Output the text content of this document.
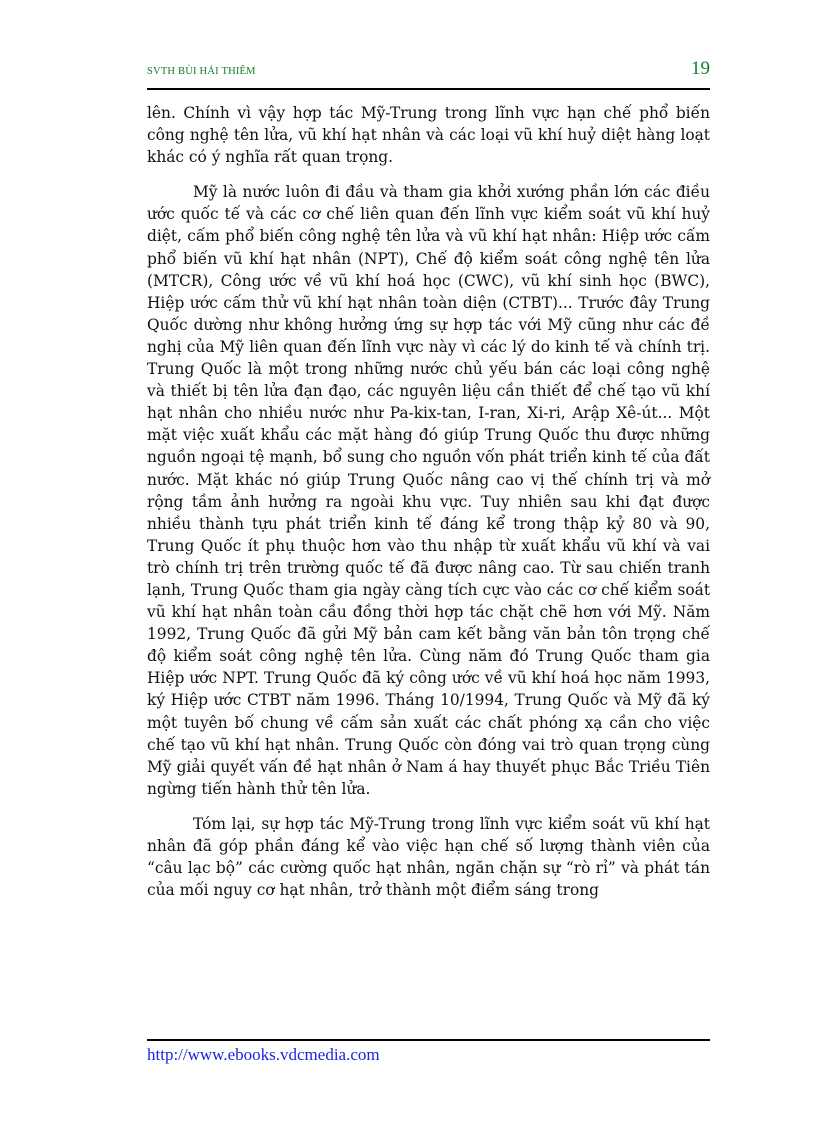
SVTH BÙI HẢI THIÊM	19

lên. Chính vì vậy hợp tác Mỹ-Trung trong lĩnh vực hạn chế phổ biến công nghệ tên lửa, vũ khí hạt nhân và các loại vũ khí huỷ diệt hàng loạt khác có ý nghĩa rất quan trọng.

Mỹ là nước luôn đi đầu và tham gia khởi xướng phần lớn các điều ước quốc tế và các cơ chế liên quan đến lĩnh vực kiểm soát vũ khí huỷ diệt, cấm phổ biến công nghệ tên lửa và vũ khí hạt nhân: Hiệp ước cấm phổ biến vũ khí hạt nhân (NPT), Chế độ kiểm soát công nghệ tên lửa (MTCR), Công ước về vũ khí hoá học (CWC), vũ khí sinh học (BWC), Hiệp ước cấm thử vũ khí hạt nhân toàn diện (CTBT)... Trước đây Trung Quốc dường như không hưởng ứng sự hợp tác với Mỹ cũng như các đề nghị của Mỹ liên quan đến lĩnh vực này vì các lý do kinh tế và chính trị. Trung Quốc là một trong những nước chủ yếu bán các loại công nghệ và thiết bị tên lửa đạn đạo, các nguyên liệu cần thiết để chế tạo vũ khí hạt nhân cho nhiều nước như Pa-kix-tan, I-ran, Xi-ri, Arập Xê-út... Một mặt việc xuất khẩu các mặt hàng đó giúp Trung Quốc thu được những nguồn ngoại tệ mạnh, bổ sung cho nguồn vốn phát triển kinh tế của đất nước. Mặt khác nó giúp Trung Quốc nâng cao vị thế chính trị và mở rộng tầm ảnh hưởng ra ngoài khu vực. Tuy nhiên sau khi đạt được nhiều thành tựu phát triển kinh tế đáng kể trong thập kỷ 80 và 90, Trung Quốc ít phụ thuộc hơn vào thu nhập từ xuất khẩu vũ khí và vai trò chính trị trên trường quốc tế đã được nâng cao. Từ sau chiến tranh lạnh, Trung Quốc tham gia ngày càng tích cực vào các cơ chế kiểm soát vũ khí hạt nhân toàn cầu đồng thời hợp tác chặt chẽ hơn với Mỹ. Năm 1992, Trung Quốc đã gửi Mỹ bản cam kết bằng văn bản tôn trọng chế độ kiểm soát công nghệ tên lửa. Cùng năm đó Trung Quốc tham gia Hiệp ước NPT. Trung Quốc đã ký công ước về vũ khí hoá học năm 1993, ký Hiệp ước CTBT năm 1996. Tháng 10/1994, Trung Quốc và Mỹ đã ký một tuyên bố chung về cấm sản xuất các chất phóng xạ cần cho việc chế tạo vũ khí hạt nhân. Trung Quốc còn đóng vai trò quan trọng cùng Mỹ giải quyết vấn đề hạt nhân ở Nam á hay thuyết phục Bắc Triều Tiên ngừng tiến hành thử tên lửa.

Tóm lại, sự hợp tác Mỹ-Trung trong lĩnh vực kiểm soát vũ khí hạt nhân đã góp phần đáng kể vào việc hạn chế số lượng thành viên của “câu lạc bộ” các cường quốc hạt nhân, ngăn chặn sự “rò rỉ” và phát tán của mối nguy cơ hạt nhân, trở thành một điểm sáng trong

http://www.ebooks.vdcmedia.com
